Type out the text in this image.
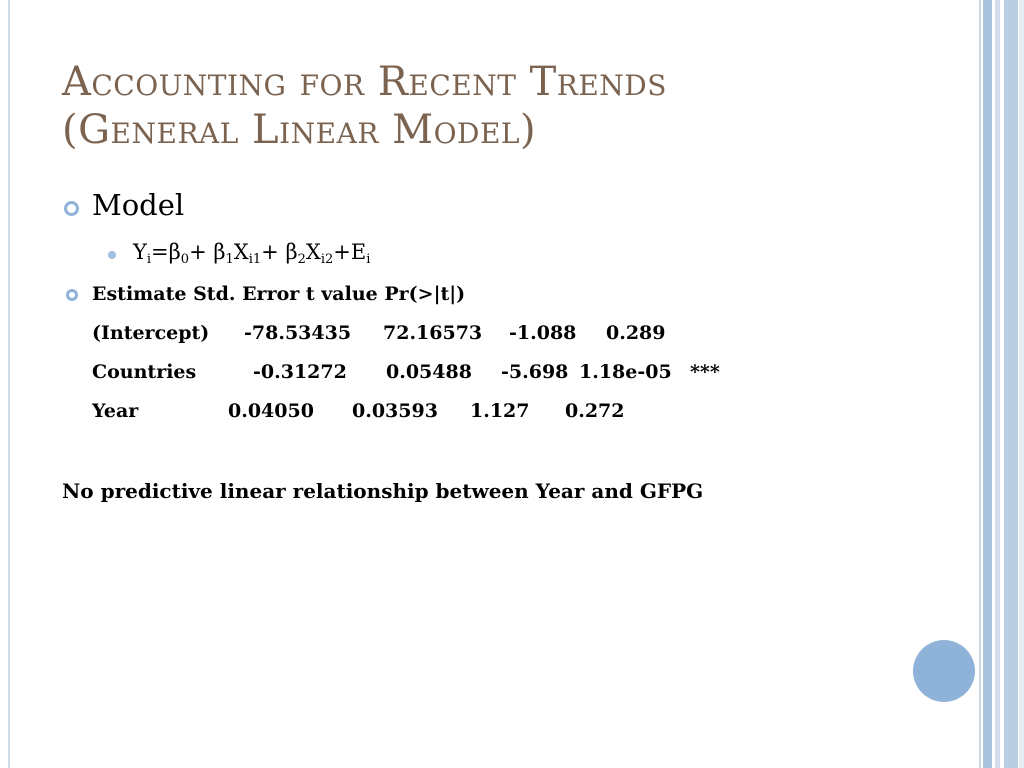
Accounting for Recent Trends
(General Linear Model)
Model
$Y_i=\beta_0+ \beta_1X_{i1}+ \beta_2X_{i2}+E_i$
Estimate Std. Error t value Pr(>|t|)
(Intercept) -78.53435 72.16573 -1.088 0.289
Countries	-0.31272 0.05488 -5.698 1.18e-05 ***
Year	0.04050 0.03593 1.127 0.272
No predictive linear relationship between Year and GFPG
